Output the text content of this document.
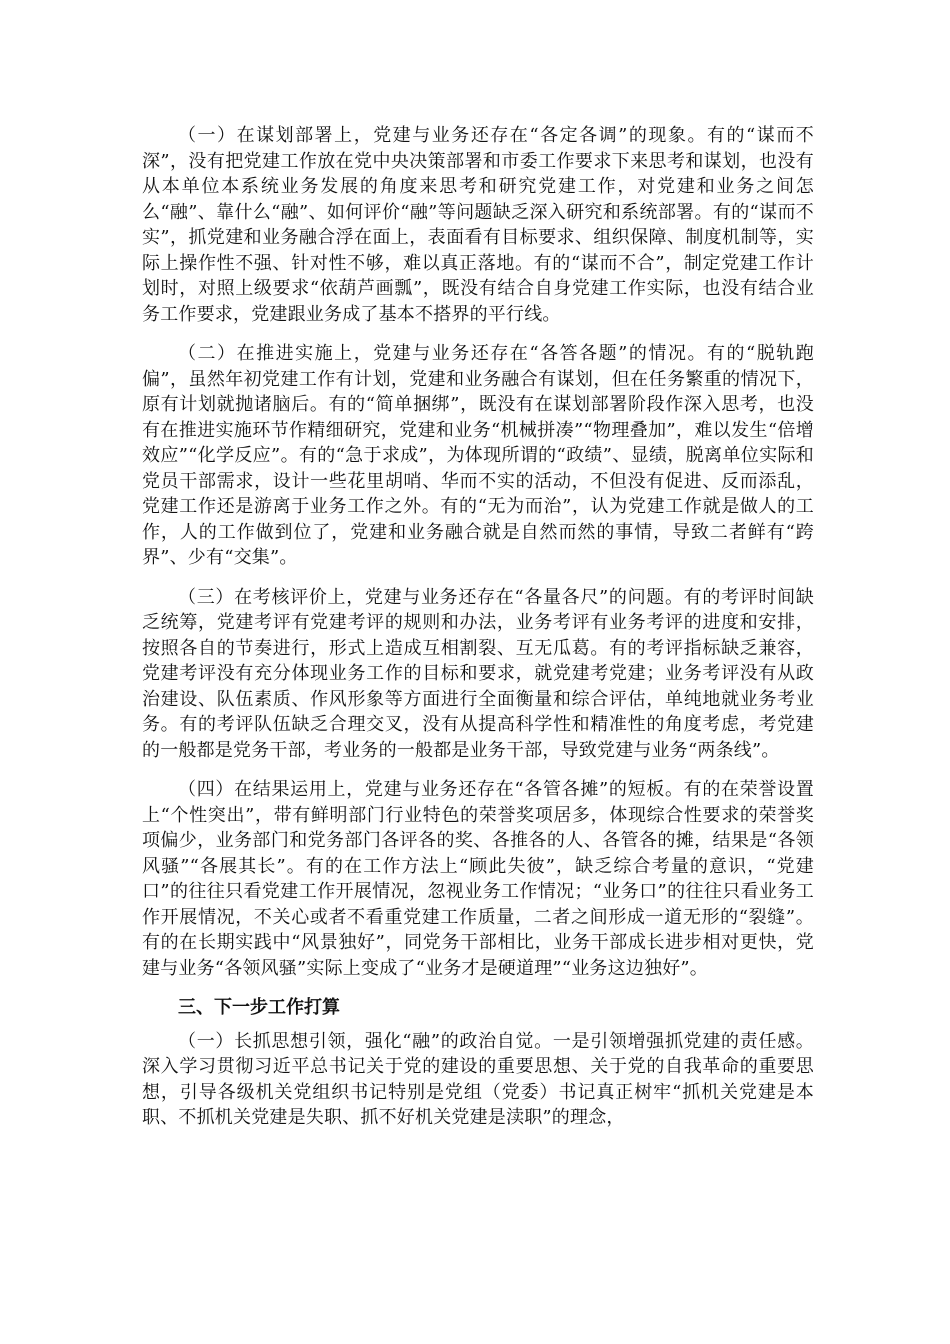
（一）在谋划部署上，党建与业务还存在“各定各调”的现象。有的“谋而不深”，没有把党建工作放在党中央决策部署和市委工作要求下来思考和谋划，也没有从本单位本系统业务发展的角度来思考和研究党建工作，对党建和业务之间怎么“融”、靠什么“融”、如何评价“融”等问题缺乏深入研究和系统部署。有的“谋而不实”，抓党建和业务融合浮在面上，表面看有目标要求、组织保障、制度机制等，实际上操作性不强、针对性不够，难以真正落地。有的“谋而不合”，制定党建工作计划时，对照上级要求“依葫芦画瓢”，既没有结合自身党建工作实际，也没有结合业务工作要求，党建跟业务成了基本不搭界的平行线。

（二）在推进实施上，党建与业务还存在“各答各题”的情况。有的“脱轨跑偏”，虽然年初党建工作有计划，党建和业务融合有谋划，但在任务繁重的情况下，原有计划就抛诸脑后。有的“简单捆绑”，既没有在谋划部署阶段作深入思考，也没有在推进实施环节作精细研究，党建和业务“机械拼凑”“物理叠加”，难以发生“倍增效应”“化学反应”。有的“急于求成”，为体现所谓的“政绩”、显绩，脱离单位实际和党员干部需求，设计一些花里胡哨、华而不实的活动，不但没有促进、反而添乱，党建工作还是游离于业务工作之外。有的“无为而治”，认为党建工作就是做人的工作，人的工作做到位了，党建和业务融合就是自然而然的事情，导致二者鲜有“跨界”、少有“交集”。

（三）在考核评价上，党建与业务还存在“各量各尺”的问题。有的考评时间缺乏统筹，党建考评有党建考评的规则和办法，业务考评有业务考评的进度和安排，按照各自的节奏进行，形式上造成互相割裂、互无瓜葛。有的考评指标缺乏兼容，党建考评没有充分体现业务工作的目标和要求，就党建考党建；业务考评没有从政治建设、队伍素质、作风形象等方面进行全面衡量和综合评估，单纯地就业务考业务。有的考评队伍缺乏合理交叉，没有从提高科学性和精准性的角度考虑，考党建的一般都是党务干部，考业务的一般都是业务干部，导致党建与业务“两条线”。

（四）在结果运用上，党建与业务还存在“各管各摊”的短板。有的在荣誉设置上“个性突出”，带有鲜明部门行业特色的荣誉奖项居多，体现综合性要求的荣誉奖项偏少，业务部门和党务部门各评各的奖、各推各的人、各管各的摊，结果是“各领风骚”“各展其长”。有的在工作方法上“顾此失彼”，缺乏综合考量的意识，“党建口”的往往只看党建工作开展情况，忽视业务工作情况；“业务口”的往往只看业务工作开展情况，不关心或者不看重党建工作质量，二者之间形成一道无形的“裂缝”。有的在长期实践中“风景独好”，同党务干部相比，业务干部成长进步相对更快，党建与业务“各领风骚”实际上变成了“业务才是硬道理”“业务这边独好”。

三、下一步工作打算

（一）长抓思想引领，强化“融”的政治自觉。一是引领增强抓党建的责任感。深入学习贯彻习近平总书记关于党的建设的重要思想、关于党的自我革命的重要思想，引导各级机关党组织书记特别是党组（党委）书记真正树牢“抓机关党建是本职、不抓机关党建是失职、抓不好机关党建是渎职”的理念，
